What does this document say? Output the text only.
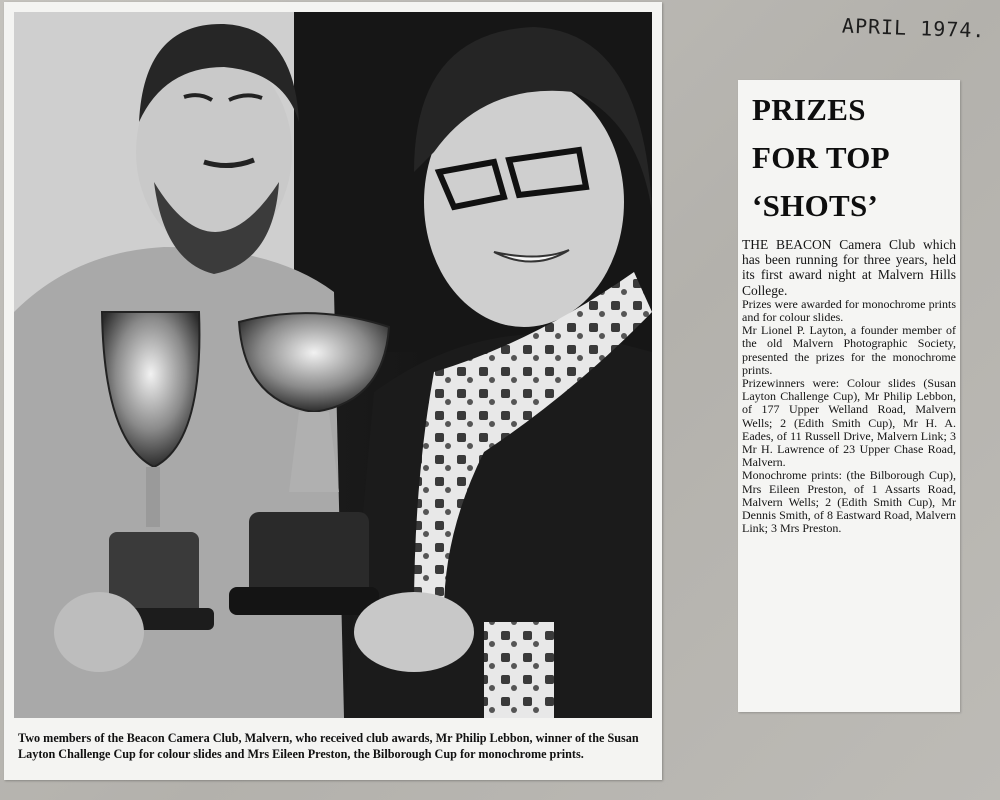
APRIL 1974.
Two members of the Beacon Camera Club, Malvern, who received club awards, Mr Philip Lebbon, winner of the Susan Layton Challenge Cup for colour slides and Mrs Eileen Preston, the Bilborough Cup for monochrome prints.
PRIZES
FOR TOP
‘SHOTS’

THE BEACON Camera Club which has been running for three years, held its first award night at Malvern Hills College.

Prizes were awarded for monochrome prints and for colour slides.

Mr Lionel P. Layton, a founder member of the old Malvern Photographic Society, presented the prizes for the monochrome prints.

Prizewinners were: Colour slides (Susan Layton Challenge Cup), Mr Philip Lebbon, of 177 Upper Welland Road, Malvern Wells; 2 (Edith Smith Cup), Mr H. A. Eades, of 11 Russell Drive, Malvern Link; 3 Mr H. Lawrence of 23 Upper Chase Road, Malvern.

Monochrome prints: (the Bilborough Cup), Mrs Eileen Preston, of 1 Assarts Road, Malvern Wells; 2 (Edith Smith Cup), Mr Dennis Smith, of 8 Eastward Road, Malvern Link; 3 Mrs Preston.
